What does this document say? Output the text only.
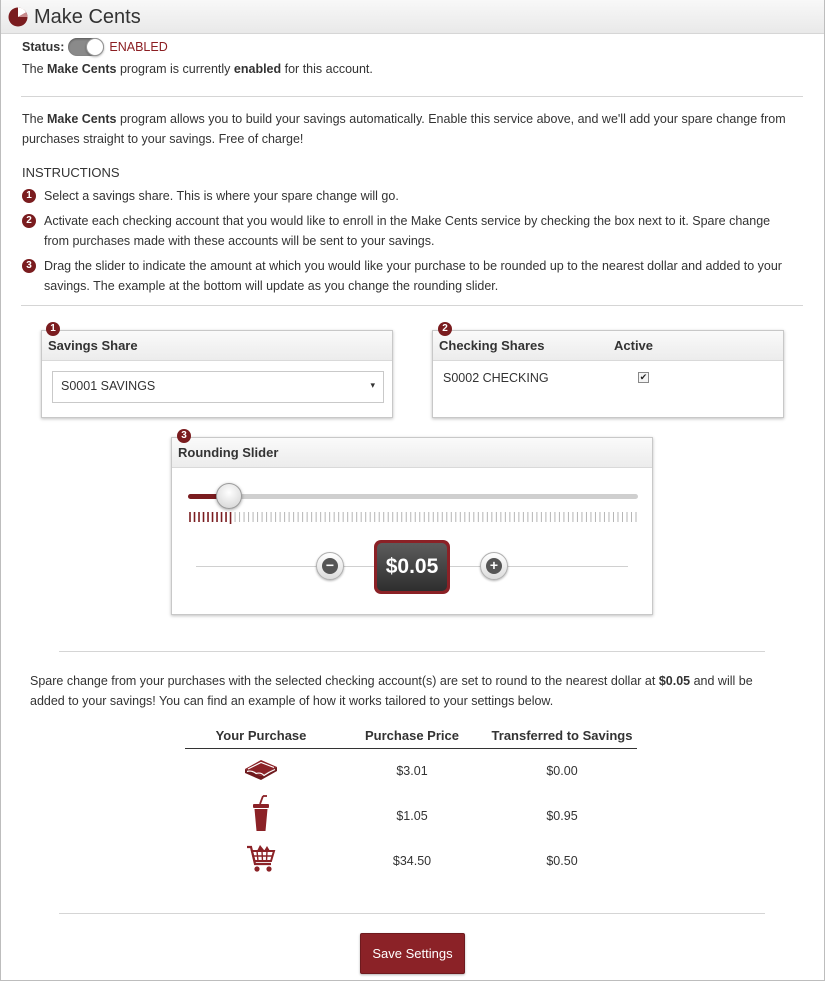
Make Cents
Status:	ENABLED
The Make Cents program is currently enabled for this account.
The Make Cents program allows you to build your savings automatically. Enable this service above, and we'll add your spare change from purchases straight to your savings. Free of charge!
INSTRUCTIONS
1 Select a savings share. This is where your spare change will go.
2 Activate each checking account that you would like to enroll in the Make Cents service by checking the box next to it. Spare change from purchases made with these accounts will be sent to your savings.
3 Drag the slider to indicate the amount at which you would like your purchase to be rounded up to the nearest dollar and added to your savings. The example at the bottom will update as you change the rounding slider.
Savings Share
S0001 SAVINGS	▾
1
Checking Shares	Active
S0002 CHECKING	✔
2
Rounding Slider
−	$0.05	+
3
Spare change from your purchases with the selected checking account(s) are set to round to the nearest dollar at $0.05 and will be added to your savings! You can find an example of how it works tailored to your settings below.
Your Purchase	Purchase Price	Transferred to Savings
	$3.01	$0.00
	$1.05	$0.95
	$34.50	$0.50
Save Settings
